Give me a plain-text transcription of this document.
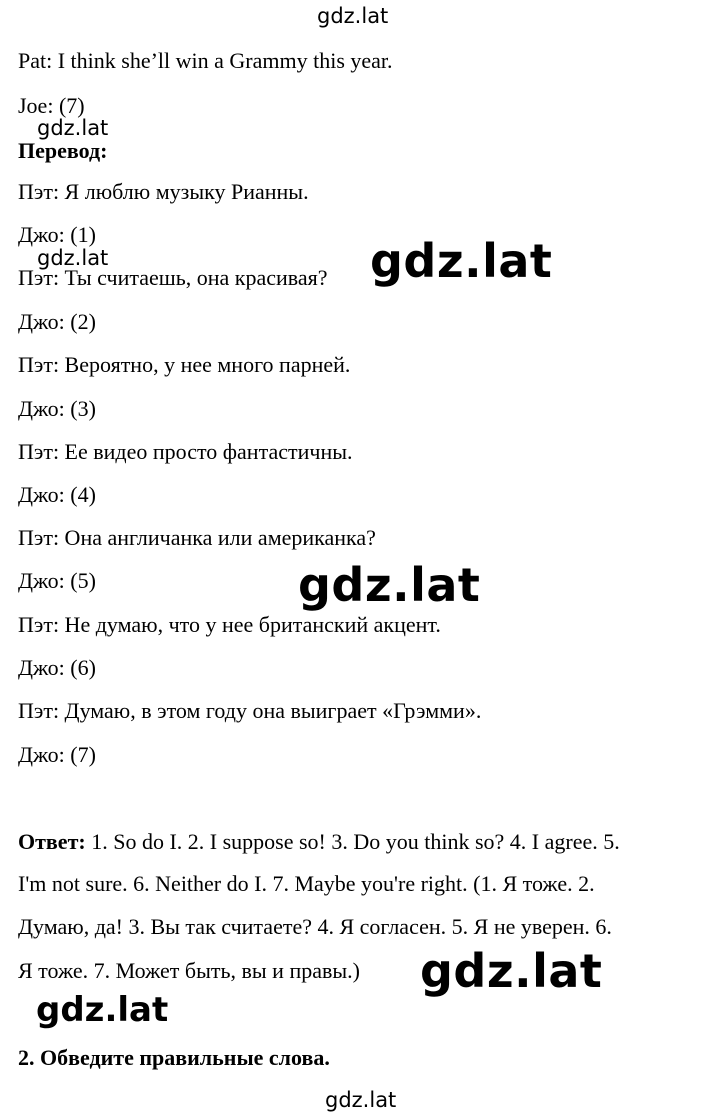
Pat: I think she’ll win a Grammy this year.
Joe: (7)
Перевод:
Пэт: Я люблю музыку Рианны.
Джо: (1)
Пэт: Ты считаешь, она красивая?
Джо: (2)
Пэт: Вероятно, у нее много парней.
Джо: (3)
Пэт: Ее видео просто фантастичны.
Джо: (4)
Пэт: Она англичанка или американка?
Джо: (5)
Пэт: Не думаю, что у нее британский акцент.
Джо: (6)
Пэт: Думаю, в этом году она выиграет «Грэмми».
Джо: (7)
Ответ: 1. So do I. 2. I suppose so! 3. Do you think so? 4. I agree. 5.
I'm not sure. 6. Neither do I. 7. Maybe you're right. (1. Я тоже. 2.
Думаю, да! 3. Вы так считаете? 4. Я согласен. 5. Я не уверен. 6.
Я тоже. 7. Может быть, вы и правы.)
2. Обведите правильные слова.
gdz.lat
gdz.lat
gdz.lat	gdz.lat
gdz.lat
gdz.lat
gdz.lat
gdz.lat
